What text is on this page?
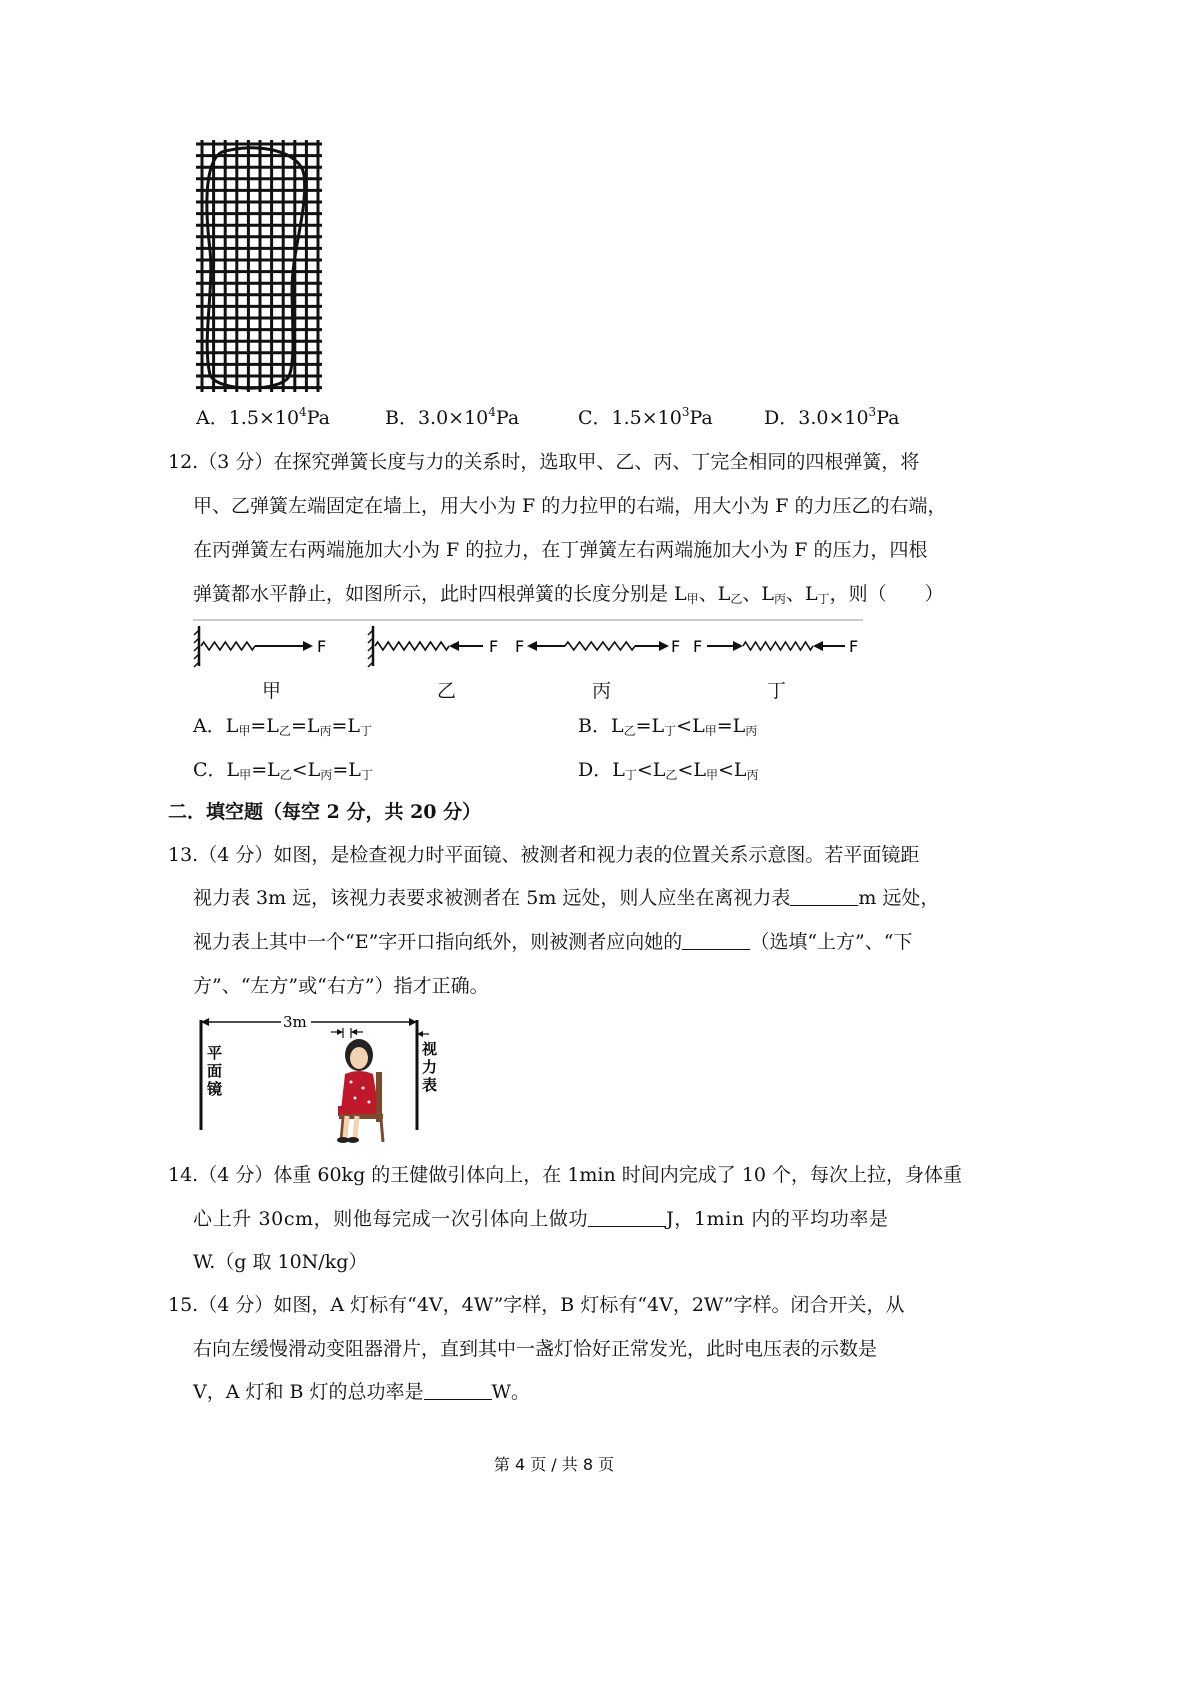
A．$1.5\times 10^4Pa$	B．$3.0\times 10^4Pa$	C．$1.5\times 10^3Pa$	D．$3.0\times 10^3Pa$
12.（3 分）在探究弹簧长度与力的关系时，选取甲、乙、丙、丁完全相同的四根弹簧，将
甲、乙弹簧左端固定在墙上，用大小为 F 的力拉甲的右端，用大小为 F 的力压乙的右端，
在丙弹簧左右两端施加大小为 F 的拉力，在丁弹簧左右两端施加大小为 F 的压力，四根
弹簧都水平静止，如图所示，此时四根弹簧的长度分别是 L甲、L乙、L丙、L丁，则（　　）
F	F F	F F	F
甲	乙	丙	丁
A．L甲=L乙=L丙=L丁	B．L乙=L丁<L甲=L丙
C．L甲=L乙<L丙=L丁	D．L丁<L乙<L甲<L丙
二．填空题（每空 2 分，共 20 分）
13.（4 分）如图，是检查视力时平面镜、被测者和视力表的位置关系示意图。若平面镜距
视力表 3m 远，该视力表要求被测者在 5m 远处，则人应坐在离视力表	m 远处，
视力表上其中一个“E”字开口指向纸外，则被测者应向她的	（选填“上方”、“下
方”、“左方”或“右方”）指才正确。
3m
平面镜
视力表
14.（4 分）体重 60kg 的王健做引体向上，在 1min 时间内完成了 10 个，每次上拉，身体重
心上升 30cm，则他每完成一次引体向上做功	J，1min 内的平均功率是
W.（g 取 10N/kg）
15.（4 分）如图，A 灯标有“4V，4W”字样，B 灯标有“4V，2W”字样。闭合开关，从
右向左缓慢滑动变阻器滑片，直到其中一盏灯恰好正常发光，此时电压表的示数是
V，A 灯和 B 灯的总功率是	W。
第 4 页 / 共 8 页
